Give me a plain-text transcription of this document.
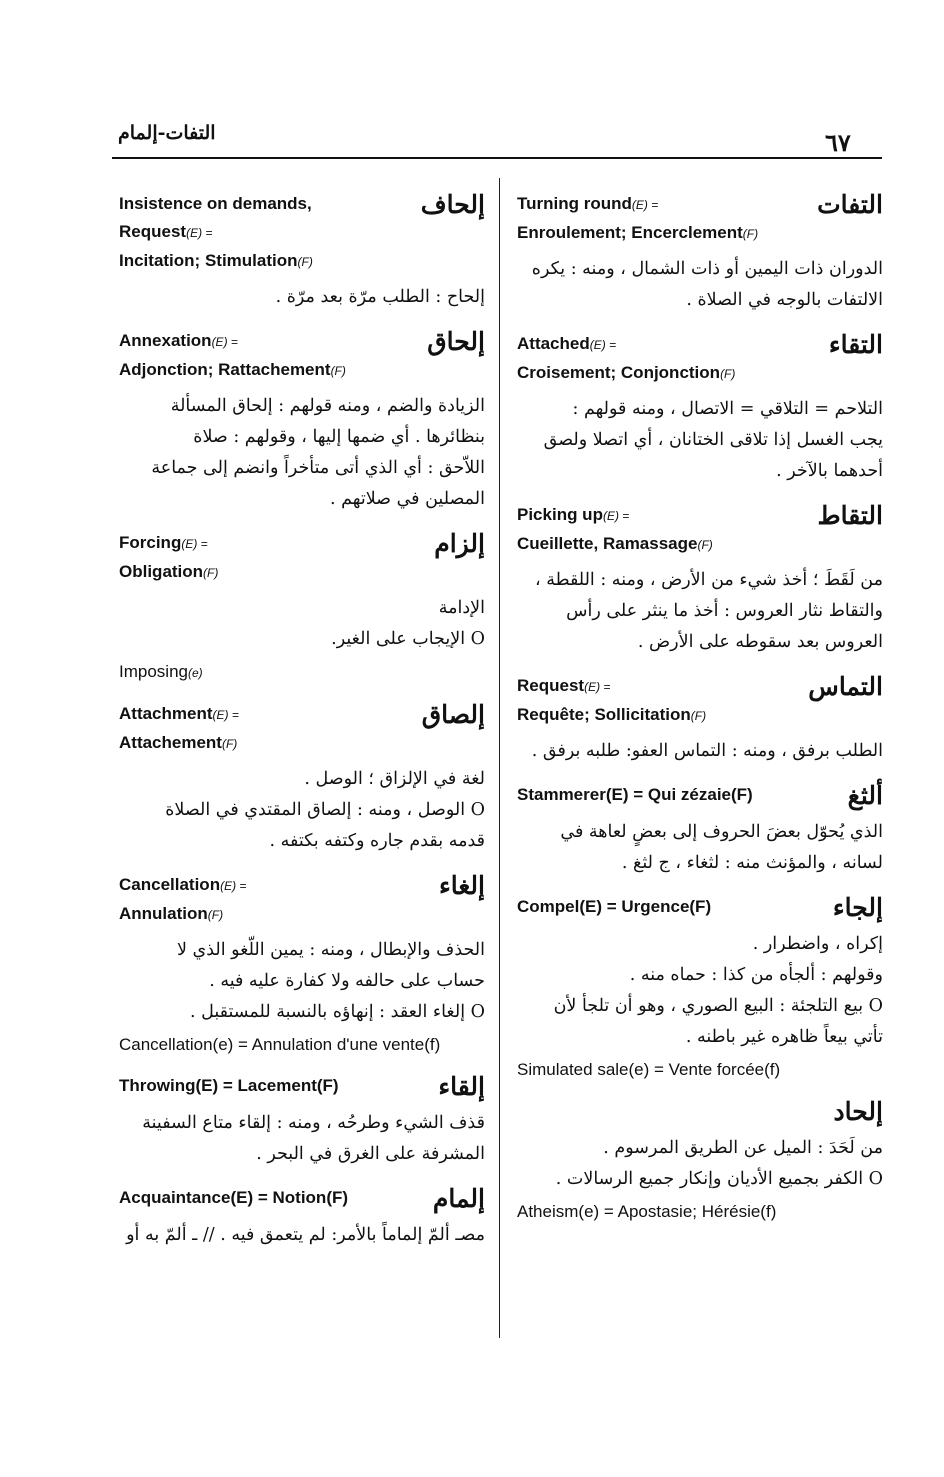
التفات-إلمام	٦٧
Insistence on demands,
Request(E) =
Incitation; Stimulation(F)
إلحاف
إلحاح : الطلب مرّة بعد مرّة .
Annexation(E) =
Adjonction; Rattachement(F)
إلحاق
الزيادة والضم ، ومنه قولهم : إلحاق المسألة
بنظائرها . أي ضمها إليها ، وقولهم : صلاة
اللاّحق : أي الذي أتى متأخراً وانضم إلى جماعة
المصلين في صلاتهم .
Forcing(E) =
Obligation(F)
إلزام
الإدامة
O الإيجاب على الغير.
Imposing(e)
Attachment(E) =
Attachement(F)
إلصاق
لغة في الإلزاق ؛ الوصل .
O الوصل ، ومنه : إلصاق المقتدي في الصلاة
قدمه بقدم جاره وكتفه بكتفه .
Cancellation(E) =
Annulation(F)
إلغاء
الحذف والإبطال ، ومنه : يمين اللّغو الذي لا
حساب على حالفه ولا كفارة عليه فيه .
O إلغاء العقد : إنهاؤه بالنسبة للمستقبل .
Cancellation(e) = Annulation d'une vente(f)
Throwing(E) = Lacement(F)	إلقاء
قذف الشيء وطرحُه ، ومنه : إلقاء متاع السفينة
المشرفة على الغرق في البحر .
Acquaintance(E) = Notion(F)	إلمام
مصـ ألمّ إلماماً بالأمر: لم يتعمق فيه . // ـ ألمّ به أو
Turning round(E) =
Enroulement; Encerclement(F)
التفات
الدوران ذات اليمين أو ذات الشمال ، ومنه : يكره
الالتفات بالوجه في الصلاة .
Attached(E) =
Croisement; Conjonction(F)
التقاء
التلاحم = التلاقي = الاتصال ، ومنه قولهم :
يجب الغسل إذا تلاقى الختانان ، أي اتصلا ولصق
أحدهما بالآخر .
Picking up(E) =
Cueillette, Ramassage(F)
التقاط
من لَقَطَ ؛ أخذ شيء من الأرض ، ومنه : اللقطة ،
والتقاط نثار العروس : أخذ ما ينثر على رأس
العروس بعد سقوطه على الأرض .
Request(E) =
Requête; Sollicitation(F)
التماس
الطلب برفق ، ومنه : التماس العفو: طلبه برفق .
Stammerer(E) = Qui zézaie(F)	ألثغ
الذي يُحوّل بعضَ الحروف إلى بعضٍ لعاهة في
لسانه ، والمؤنث منه : لثغاء ، ج لثغ .
Compel(E) = Urgence(F)	إلجاء
إكراه ، واضطرار .
وقولهم : ألجأه من كذا : حماه منه .
O بيع التلجئة : البيع الصوري ، وهو أن تلجأ لأن
تأتي بيعاً ظاهره غير باطنه .
Simulated sale(e) = Vente forcée(f)
إلحاد
من لَحَدَ : الميل عن الطريق المرسوم .
O الكفر بجميع الأديان وإنكار جميع الرسالات .
Atheism(e) = Apostasie; Hérésie(f)
